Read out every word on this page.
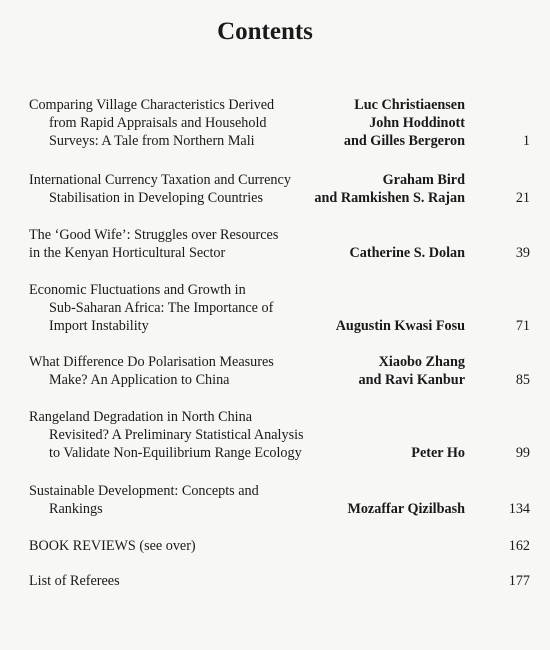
Contents
Comparing Village Characteristics Derived
from Rapid Appraisals and Household
Surveys: A Tale from Northern Mali
Luc Christiaensen
John Hoddinott
and Gilles Bergeron	1
International Currency Taxation and Currency
Stabilisation in Developing Countries
Graham Bird
and Ramkishen S. Rajan	21
The ‘Good Wife’: Struggles over Resources
in the Kenyan Horticultural Sector	Catherine S. Dolan	39
Economic Fluctuations and Growth in
Sub-Saharan Africa: The Importance of
Import Instability	Augustin Kwasi Fosu	71
What Difference Do Polarisation Measures
Make? An Application to China
Xiaobo Zhang
and Ravi Kanbur	85
Rangeland Degradation in North China
Revisited? A Preliminary Statistical Analysis
to Validate Non-Equilibrium Range Ecology	Peter Ho	99
Sustainable Development: Concepts and
Rankings	Mozaffar Qizilbash	134
BOOK REVIEWS (see over)	162
List of Referees	177
